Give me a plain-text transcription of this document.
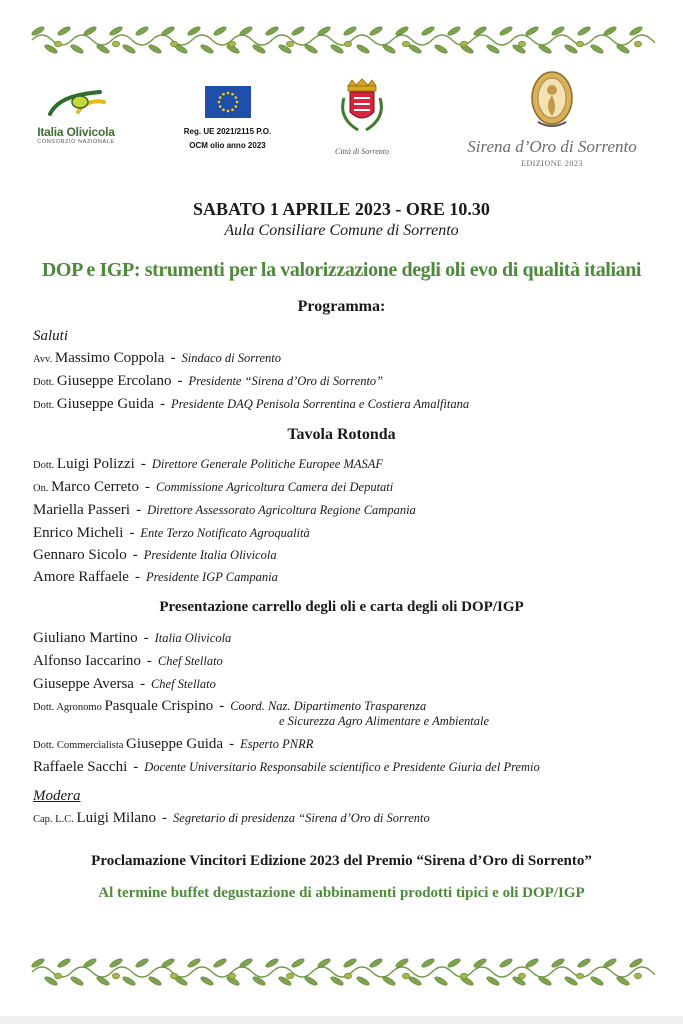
Italia Olivicola
CONSORZIO NAZIONALE
Reg. UE 2021/2115 P.O.
OCM olio anno 2023
Città di Sorrento	Sirena d’Oro di Sorrento
EDIZIONE 2023
SABATO 1 APRILE 2023 - ORE 10.30
Aula Consiliare Comune di Sorrento
DOP e IGP: strumenti per la valorizzazione degli oli evo di qualità italiani
Programma:
Saluti
Avv. Massimo Coppola - Sindaco di Sorrento
Dott. Giuseppe Ercolano - Presidente “Sirena d’Oro di Sorrento”
Dott. Giuseppe Guida - Presidente DAQ Penisola Sorrentina e Costiera Amalfitana
Tavola Rotonda
Dott. Luigi Polizzi - Direttore Generale Politiche Europee MASAF
On. Marco Cerreto - Commissione Agricoltura Camera dei Deputati
Mariella Passeri - Direttore Assessorato Agricoltura Regione Campania
Enrico Micheli - Ente Terzo Notificato Agroqualità
Gennaro Sicolo - Presidente Italia Olivicola
Amore Raffaele - Presidente IGP Campania
Presentazione carrello degli oli e carta degli oli DOP/IGP
Giuliano Martino - Italia Olivicola
Alfonso Iaccarino - Chef Stellato
Giuseppe Aversa - Chef Stellato
Dott. Agronomo Pasquale Crispino - Coord. Naz. Dipartimento Trasparenza
e Sicurezza Agro Alimentare e Ambientale
Dott. Commercialista Giuseppe Guida - Esperto PNRR
Raffaele Sacchi - Docente Universitario Responsabile scientifico e Presidente Giuria del Premio
Modera
Cap. L.C. Luigi Milano - Segretario di presidenza “Sirena d’Oro di Sorrento
Proclamazione Vincitori Edizione 2023 del Premio “Sirena d’Oro di Sorrento”
Al termine buffet degustazione di abbinamenti prodotti tipici e oli DOP/IGP
